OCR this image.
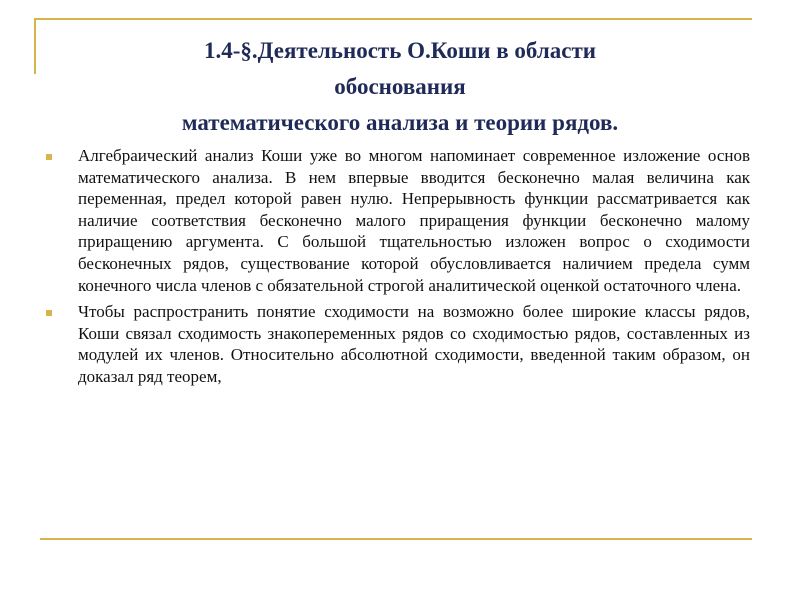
1.4-§.Деятельность О.Коши в области
обоснования
математического анализа и теории рядов.
Алгебраический анализ Коши уже во многом напоминает современное изложение основ математического анализа. В нем впервые вводится бесконечно малая величина как переменная, предел которой равен нулю. Непрерывность функции рассматривается как наличие соответствия бесконечно малого приращения функции бесконечно малому приращению аргумента. С большой тщательностью изложен вопрос о сходимости бесконечных рядов, существование которой обусловливается наличием предела сумм конечного числа членов с обязательной строгой аналитической оценкой остаточного члена.
Чтобы распространить понятие сходимости на возможно более широкие классы рядов, Коши связал сходимость знакопеременных рядов со сходимостью рядов, составленных из модулей их членов. Относительно абсолютной сходимости, введенной таким образом, он доказал ряд теорем,
